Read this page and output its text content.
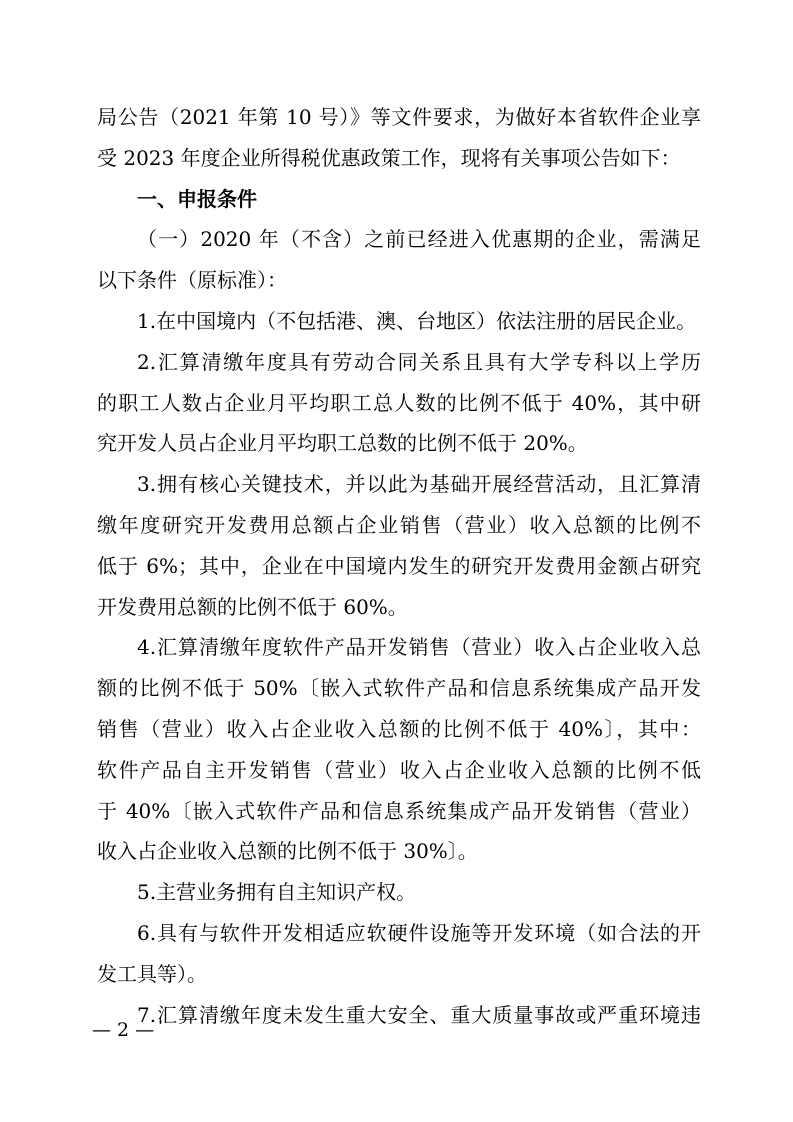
局公告（2021 年第 10 号）》等文件要求，为做好本省软件企业享
受 2023 年度企业所得税优惠政策工作，现将有关事项公告如下：
一、申报条件
（一）2020 年（不含）之前已经进入优惠期的企业，需满足
以下条件（原标准）：
1.在中国境内（不包括港、澳、台地区）依法注册的居民企业。
2.汇算清缴年度具有劳动合同关系且具有大学专科以上学历
的职工人数占企业月平均职工总人数的比例不低于 40%，其中研
究开发人员占企业月平均职工总数的比例不低于 20%。
3.拥有核心关键技术，并以此为基础开展经营活动，且汇算清
缴年度研究开发费用总额占企业销售（营业）收入总额的比例不
低于 6%；其中，企业在中国境内发生的研究开发费用金额占研究
开发费用总额的比例不低于 60%。
4.汇算清缴年度软件产品开发销售（营业）收入占企业收入总
额的比例不低于 50%〔嵌入式软件产品和信息系统集成产品开发
销售（营业）收入占企业收入总额的比例不低于 40%〕，其中：
软件产品自主开发销售（营业）收入占企业收入总额的比例不低
于 40%〔嵌入式软件产品和信息系统集成产品开发销售（营业）
收入占企业收入总额的比例不低于 30%〕。
5.主营业务拥有自主知识产权。
6.具有与软件开发相适应软硬件设施等开发环境（如合法的开
发工具等）。
7.汇算清缴年度未发生重大安全、重大质量事故或严重环境违
— 2 —
